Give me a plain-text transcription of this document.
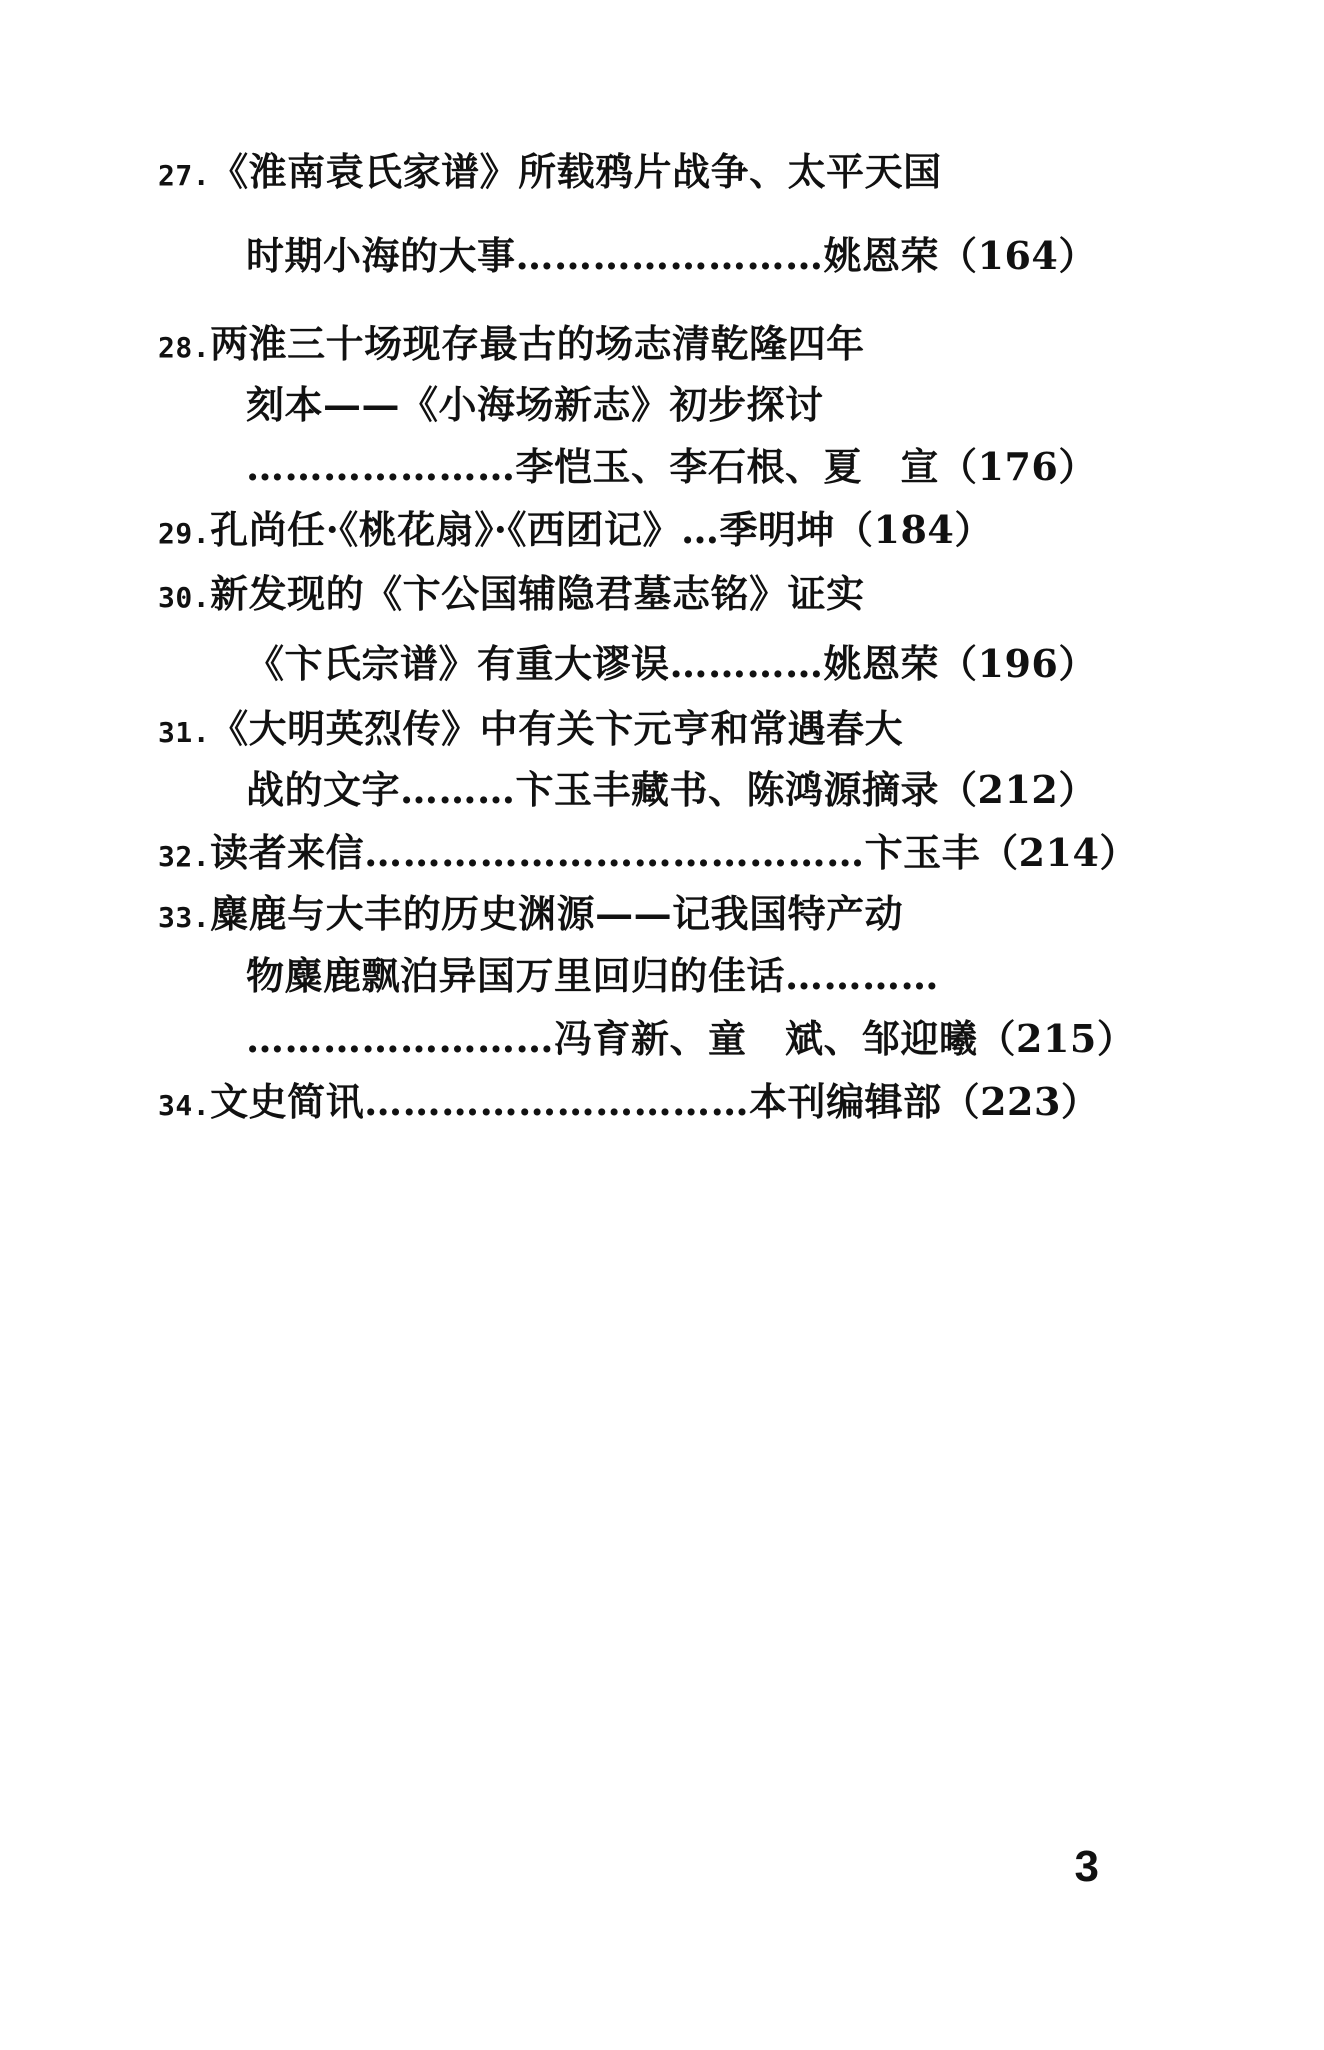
27.《淮南袁氏家谱》所载鸦片战争、太平天国
时期小海的大事……………………姚恩荣（164）
28.两淮三十场现存最古的场志清乾隆四年
刻本——《小海场新志》初步探讨
…………………李恺玉、李石根、夏　宣（176）
29.孔尚任·《桃花扇》·《西团记》…季明坤（184）
30.新发现的《卞公国辅隐君墓志铭》证实
《卞氏宗谱》有重大谬误…………姚恩荣（196）
31.《大明英烈传》中有关卞元亨和常遇春大
战的文字………卞玉丰藏书、陈鸿源摘录（212）
32.读者来信…………………………………卞玉丰（214）
33.麋鹿与大丰的历史渊源——记我国特产动
物麋鹿飘泊异国万里回归的佳话…………
……………………冯育新、童　斌、邹迎曦（215）
34.文史简讯…………………………本刊编辑部（223）
3
